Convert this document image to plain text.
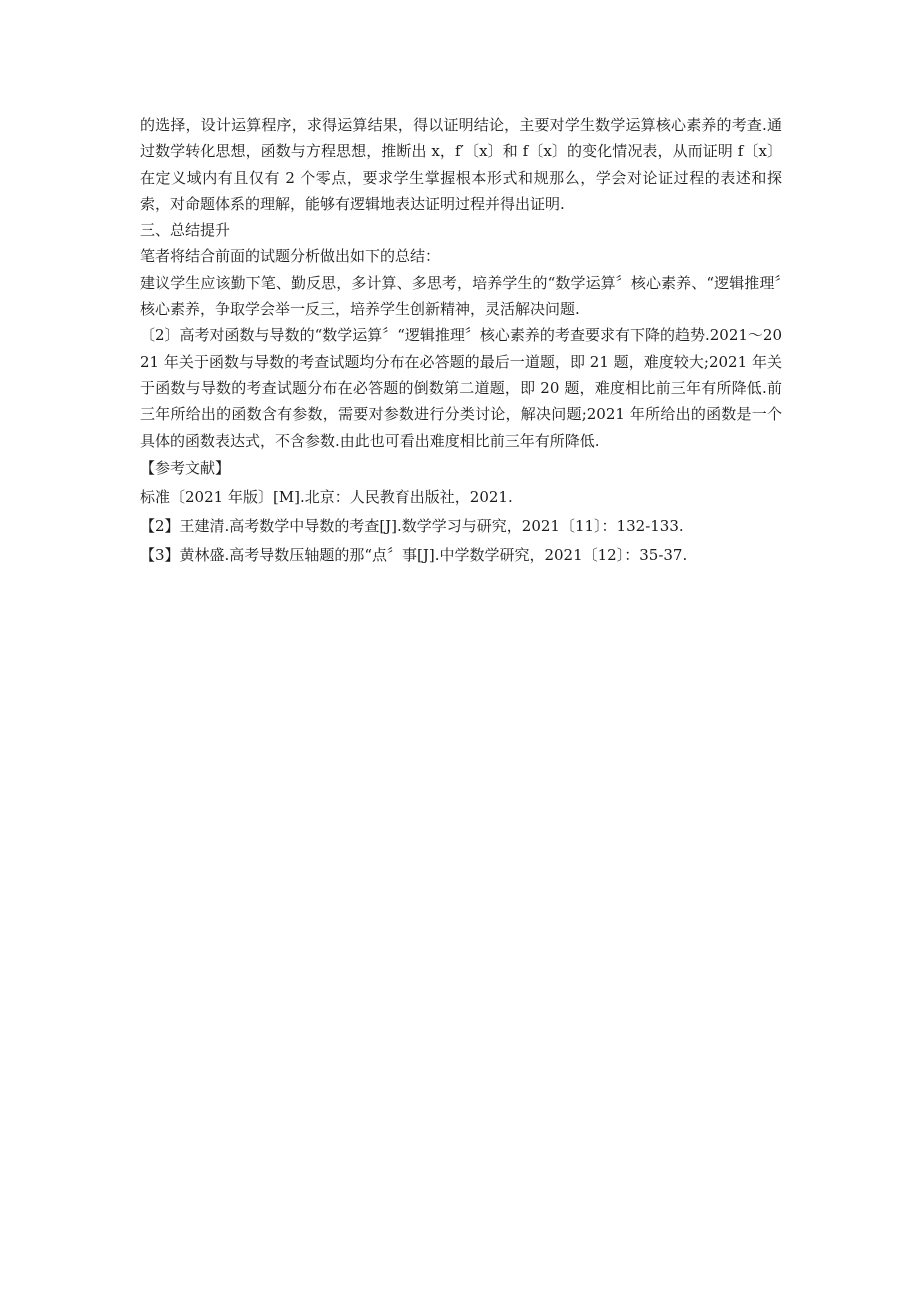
的选择，设计运算程序，求得运算结果，得以证明结论，主要对学生数学运算核心素养的考查.通过数学转化思想，函数与方程思想，推断出 x，f′〔x〕和 f〔x〕的变化情况表，从而证明 f〔x〕在定义域内有且仅有 2 个零点，要求学生掌握根本形式和规那么，学会对论证过程的表述和探索，对命题体系的理解，能够有逻辑地表达证明过程并得出证明.

三、总结提升

笔者将结合前面的试题分析做出如下的总结：

建议学生应该勤下笔、勤反思，多计算、多思考，培养学生的“数学运算〞核心素养、“逻辑推理〞核心素养，争取学会举一反三，培养学生创新精神，灵活解决问题.

〔2〕高考对函数与导数的“数学运算〞“逻辑推理〞核心素养的考查要求有下降的趋势.2021～2021 年关于函数与导数的考查试题均分布在必答题的最后一道题，即 21 题，难度较大;2021 年关于函数与导数的考查试题分布在必答题的倒数第二道题，即 20 题，难度相比前三年有所降低.前三年所给出的函数含有参数，需要对参数进行分类讨论，解决问题;2021 年所给出的函数是一个具体的函数表达式，不含参数.由此也可看出难度相比前三年有所降低.

【参考文献】

标准〔2021 年版〕[M].北京：人民教育出版社，2021.

【2】王建清.高考数学中导数的考查[J].数学学习与研究，2021〔11〕：132-133.

【3】黄林盛.高考导数压轴题的那“点〞事[J].中学数学研究，2021〔12〕：35-37.
